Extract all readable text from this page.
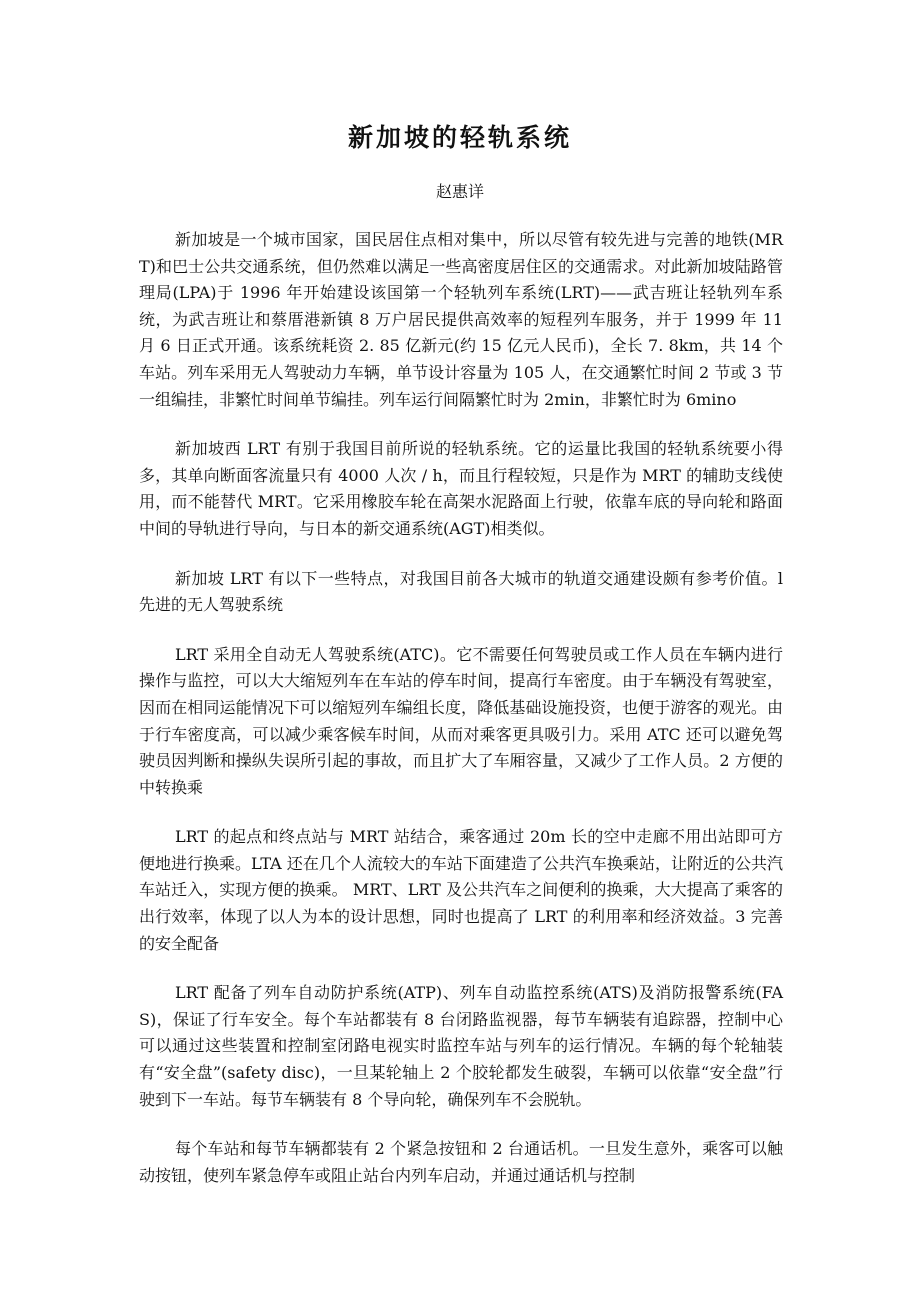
新加坡的轻轨系统

赵惠详

新加坡是一个城市国家，国民居住点相对集中，所以尽管有较先进与完善的地铁(MRT)和巴士公共交通系统，但仍然难以满足一些高密度居住区的交通需求。对此新加坡陆路管理局(LPA)于 1996 年开始建设该国第一个轻轨列车系统(LRT)——武吉班让轻轨列车系统，为武吉班让和蔡厝港新镇 8 万户居民提供高效率的短程列车服务，并于 1999 年 11 月 6 日正式开通。该系统耗资 2. 85 亿新元(约 15 亿元人民币)，全长 7. 8km，共 14 个车站。列车采用无人驾驶动力车辆，单节设计容量为 105 人，在交通繁忙时间 2 节或 3 节一组编挂，非繁忙时间单节编挂。列车运行间隔繁忙时为 2min，非繁忙时为 6mino

新加坡西 LRT 有别于我国目前所说的轻轨系统。它的运量比我国的轻轨系统要小得多，其单向断面客流量只有 4000 人次 / h，而且行程较短，只是作为 MRT 的辅助支线使用，而不能替代 MRT。它采用橡胶车轮在高架水泥路面上行驶，依靠车底的导向轮和路面中间的导轨进行导向，与日本的新交通系统(AGT)相类似。

新加坡 LRT 有以下一些特点，对我国目前各大城市的轨道交通建设颇有参考价值。l 先进的无人驾驶系统

LRT 采用全自动无人驾驶系统(ATC)。它不需要任何驾驶员或工作人员在车辆内进行操作与监控，可以大大缩短列车在车站的停车时间，提高行车密度。由于车辆没有驾驶室，因而在相同运能情况下可以缩短列车编组长度，降低基础设施投资，也便于游客的观光。由于行车密度高，可以减少乘客候车时间，从而对乘客更具吸引力。采用 ATC 还可以避免驾驶员因判断和操纵失误所引起的事故，而且扩大了车厢容量，又减少了工作人员。2 方便的中转换乘

LRT 的起点和终点站与 MRT 站结合，乘客通过 20m 长的空中走廊不用出站即可方便地进行换乘。LTA 还在几个人流较大的车站下面建造了公共汽车换乘站，让附近的公共汽车站迁入，实现方便的换乘。 MRT、LRT 及公共汽车之间便利的换乘，大大提高了乘客的出行效率，体现了以人为本的设计思想，同时也提高了 LRT 的利用率和经济效益。3 完善的安全配备

LRT 配备了列车自动防护系统(ATP)、列车自动监控系统(ATS)及消防报警系统(FAS)，保证了行车安全。每个车站都装有 8 台闭路监视器，每节车辆装有追踪器，控制中心可以通过这些装置和控制室闭路电视实时监控车站与列车的运行情况。车辆的每个轮轴装有“安全盘”(safety disc)，一旦某轮轴上 2 个胶轮都发生破裂，车辆可以依靠“安全盘”行驶到下一车站。每节车辆装有 8 个导向轮，确保列车不会脱轨。

每个车站和每节车辆都装有 2 个紧急按钮和 2 台通话机。一旦发生意外，乘客可以触动按钮，使列车紧急停车或阻止站台内列车启动，并通过通话机与控制
